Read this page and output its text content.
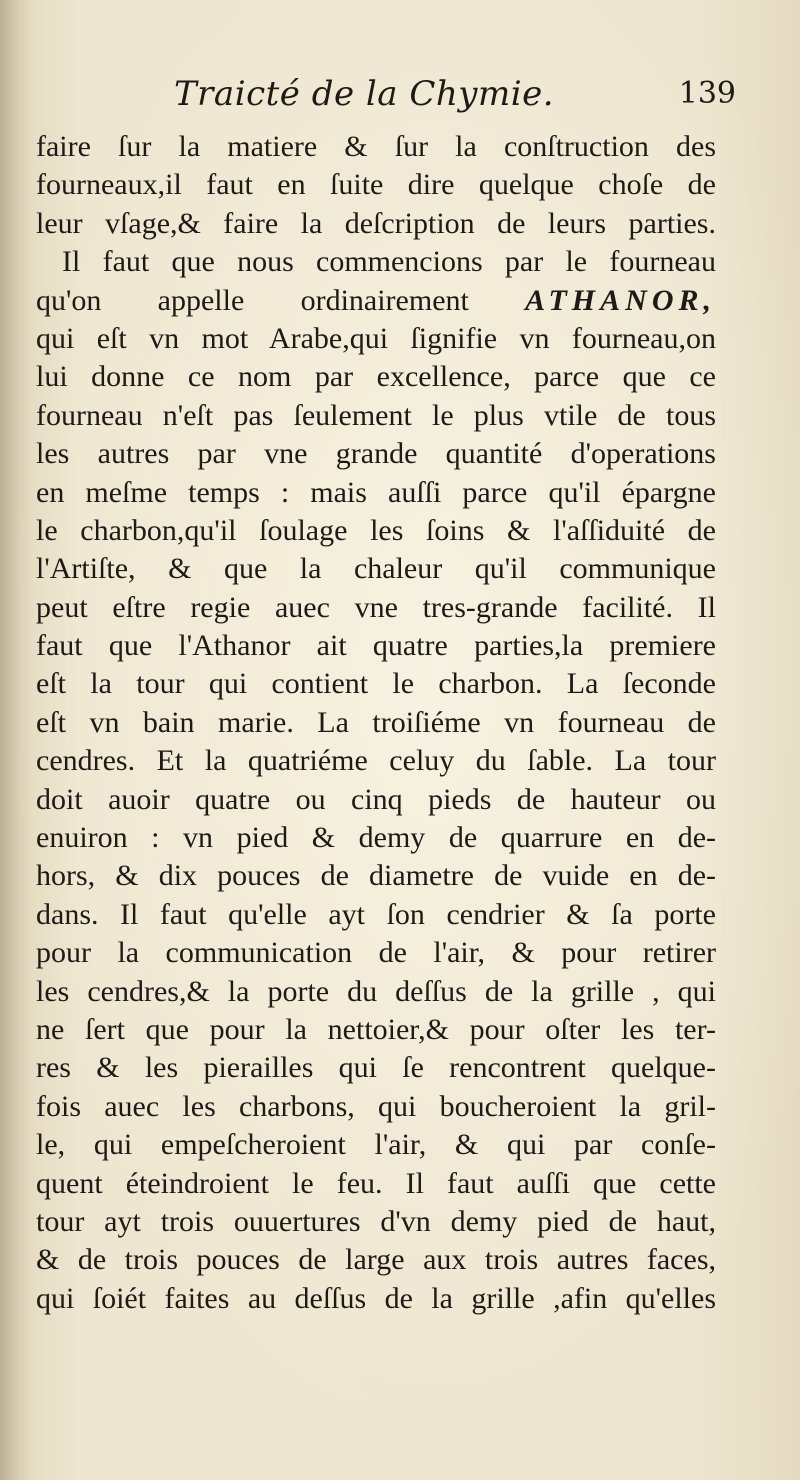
Traicté de la Chymie.	139
faire ſur la matiere & ſur la conſtruction des
fourneaux,il faut en ſuite dire quelque choſe de
leur vſage,& faire la deſcription de leurs parties.
Il faut que nous commencions par le fourneau
qu'on appelle ordinairement ATHANOR,
qui eſt vn mot Arabe,qui ſignifie vn fourneau,on
lui donne ce nom par excellence, parce que ce
fourneau n'eſt pas ſeulement le plus vtile de tous
les autres par vne grande quantité d'operations
en meſme temps : mais auſſi parce qu'il épargne
le charbon,qu'il ſoulage les ſoins & l'aſſiduité de
l'Artiſte, & que la chaleur qu'il communique
peut eſtre regie auec vne tres-grande facilité. Il
faut que l'Athanor ait quatre parties,la premiere
eſt la tour qui contient le charbon. La ſeconde
eſt vn bain marie. La troiſiéme vn fourneau de
cendres. Et la quatriéme celuy du ſable. La tour
doit auoir quatre ou cinq pieds de hauteur ou
enuiron : vn pied & demy de quarrure en de-
hors, & dix pouces de diametre de vuide en de-
dans. Il faut qu'elle ayt ſon cendrier & ſa porte
pour la communication de l'air, & pour retirer
les cendres,& la porte du deſſus de la grille , qui
ne ſert que pour la nettoier,& pour oſter les ter-
res & les pierailles qui ſe rencontrent quelque-
fois auec les charbons, qui boucheroient la gril-
le, qui empeſcheroient l'air, & qui par conſe-
quent éteindroient le feu. Il faut auſſi que cette
tour ayt trois ouuertures d'vn demy pied de haut,
& de trois pouces de large aux trois autres faces,
qui ſoiét faites au deſſus de la grille ,afin qu'elles
